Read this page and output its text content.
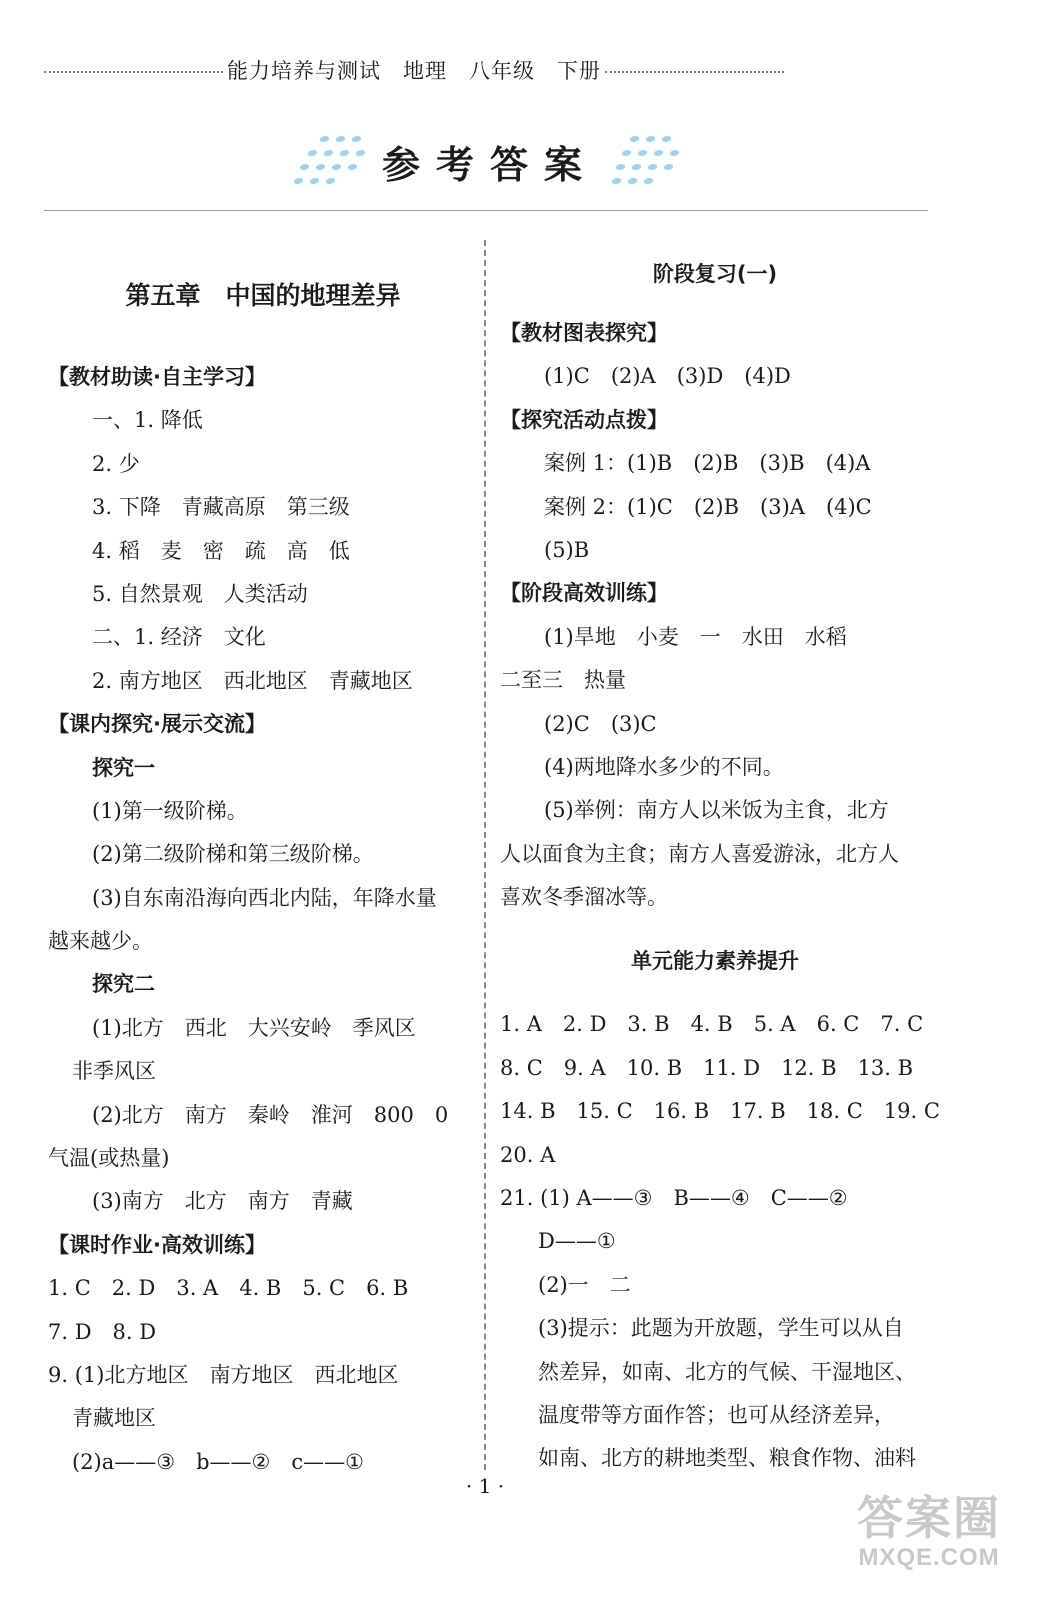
能力培养与测试　地理　八年级　下册
参考答案
第五章　中国的地理差异
【教材助读·自主学习】
一、1. 降低
2. 少
3. 下降　青藏高原　第三级
4. 稻　麦　密　疏　高　低
5. 自然景观　人类活动
二、1. 经济　文化
2. 南方地区　西北地区　青藏地区
【课内探究·展示交流】
探究一
(1)第一级阶梯。
(2)第二级阶梯和第三级阶梯。
(3)自东南沿海向西北内陆，年降水量
越来越少。
探究二
(1)北方　西北　大兴安岭　季风区
非季风区
(2)北方　南方　秦岭　淮河　800　0
气温(或热量)
(3)南方　北方　南方　青藏
【课时作业·高效训练】
1. C　2. D　3. A　4. B　5. C　6. B
7. D　8. D
9. (1)北方地区　南方地区　西北地区
青藏地区
(2)a——③　b——②　c——①
阶段复习(一)
【教材图表探究】
(1)C　(2)A　(3)D　(4)D
【探究活动点拨】
案例 1：(1)B　(2)B　(3)B　(4)A
案例 2：(1)C　(2)B　(3)A　(4)C
(5)B
【阶段高效训练】
(1)旱地　小麦　一　水田　水稻
二至三　热量
(2)C　(3)C
(4)两地降水多少的不同。
(5)举例：南方人以米饭为主食，北方
人以面食为主食；南方人喜爱游泳，北方人
喜欢冬季溜冰等。
单元能力素养提升
1. A　2. D　3. B　4. B　5. A　6. C　7. C
8. C　9. A　10. B　11. D　12. B　13. B
14. B　15. C　16. B　17. B　18. C　19. C
20. A
21. (1) A——③　B——④　C——②
D——①
(2)一　二
(3)提示：此题为开放题，学生可以从自
然差异，如南、北方的气候、干湿地区、
温度带等方面作答；也可从经济差异，
如南、北方的耕地类型、粮食作物、油料
· 1 ·
答案圈
MXQE.COM
